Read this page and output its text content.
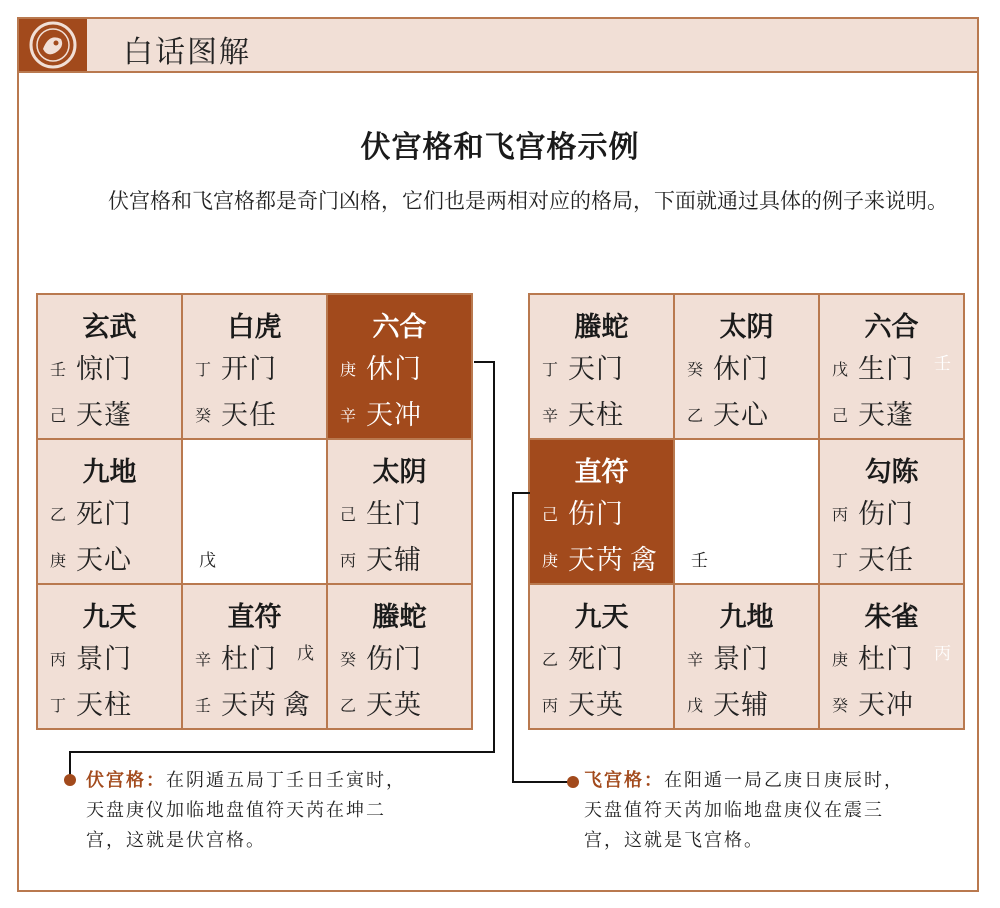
白话图解
伏宫格和飞宫格示例
伏宫格和飞宫格都是奇门凶格，它们也是两相对应的格局，下面就通过具体的例子来说明。
玄武
壬 惊门
己 天蓬
白虎
丁 开门
癸 天任
六合
庚 休门
辛 天冲
九地
乙 死门
庚 天心	戊
太阴
己 生门
丙 天辅
九天
丙 景门
丁 天柱
直符
辛 杜门 戊
壬 天芮 禽
螣蛇
癸 伤门
乙 天英
螣蛇
丁 天门
辛 天柱
太阴
癸 休门
乙 天心
六合
戊 生门 壬
己 天蓬
直符
己 伤门
庚 天芮 禽	壬
勾陈
丙 伤门
丁 天任
九天
乙 死门
丙 天英
九地
辛 景门
戊 天辅
朱雀
庚 杜门 丙
癸 天冲
伏宫格：在阴遁五局丁壬日壬寅时，
天盘庚仪加临地盘值符天芮在坤二
宫，这就是伏宫格。
飞宫格：在阳遁一局乙庚日庚辰时，
天盘值符天芮加临地盘庚仪在震三
宫，这就是飞宫格。
